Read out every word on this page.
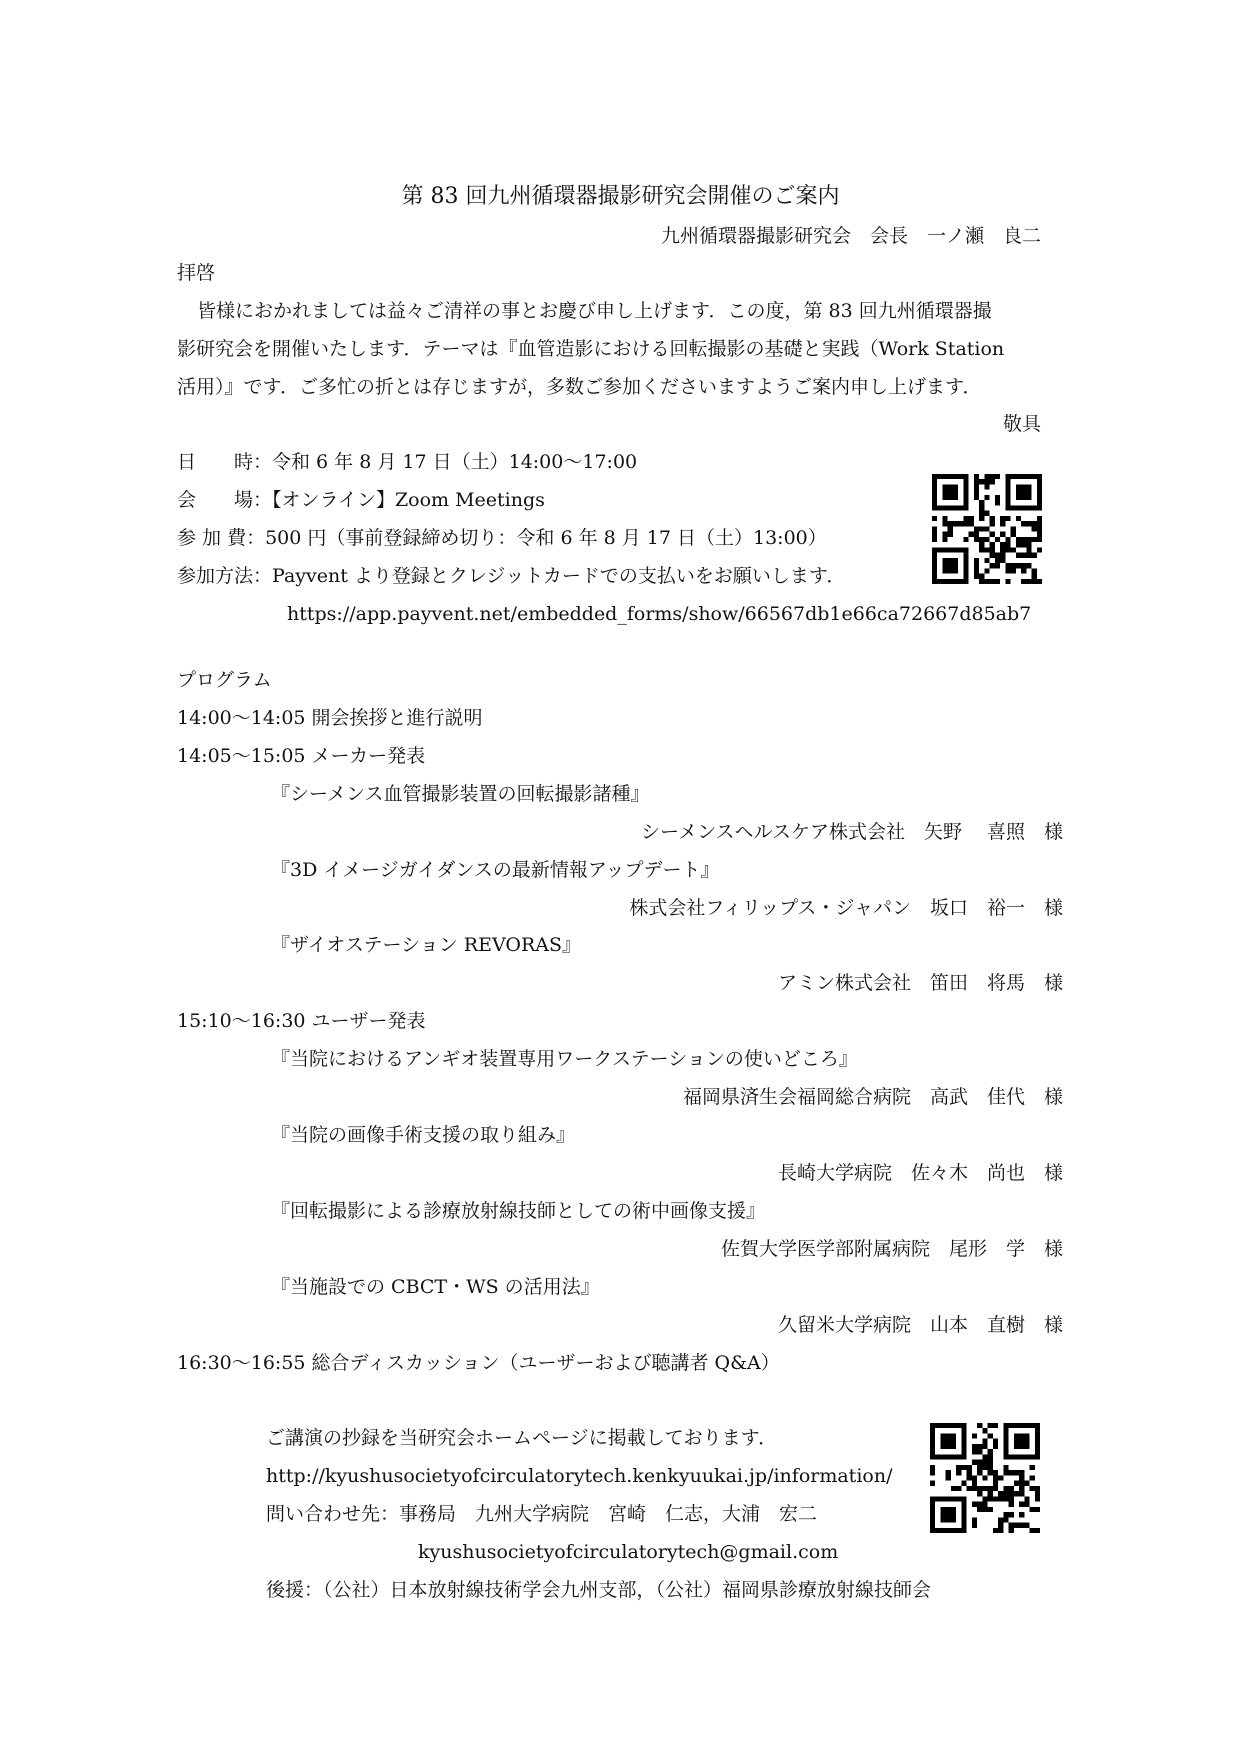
第 83 回九州循環器撮影研究会開催のご案内
九州循環器撮影研究会　会長　一ノ瀬　良二
拝啓
皆様におかれましては益々ご清祥の事とお慶び申し上げます．この度，第 83 回九州循環器撮
影研究会を開催いたします．テーマは『血管造影における回転撮影の基礎と実践（Work Station
活用）』です．ご多忙の折とは存じますが，多数ご参加くださいますようご案内申し上げます．
敬具
日　　時：令和 6 年 8 月 17 日（土）14:00〜17:00
会　　場：【オンライン】Zoom Meetings
参 加 費：500 円（事前登録締め切り：令和 6 年 8 月 17 日（土）13:00）
参加方法：Payvent より登録とクレジットカードでの支払いをお願いします．
https://app.payvent.net/embedded_forms/show/66567db1e66ca72667d85ab7
プログラム
14:00〜14:05 開会挨拶と進行説明
14:05〜15:05 メーカー発表
『シーメンス血管撮影装置の回転撮影諸種』
シーメンスヘルスケア株式会社　矢野　 喜照　様
『3D イメージガイダンスの最新情報アップデート』
株式会社フィリップス・ジャパン　坂口　裕一　様
『ザイオステーション REVORAS』
アミン株式会社　笛田　将馬　様
15:10〜16:30 ユーザー発表
『当院におけるアンギオ装置専用ワークステーションの使いどころ』
福岡県済生会福岡総合病院　高武　佳代　様
『当院の画像手術支援の取り組み』
長崎大学病院　佐々木　尚也　様
『回転撮影による診療放射線技師としての術中画像支援』
佐賀大学医学部附属病院　尾形　学　様
『当施設での CBCT・WS の活用法』
久留米大学病院　山本　直樹　様
16:30〜16:55 総合ディスカッション（ユーザーおよび聴講者 Q&A）
ご講演の抄録を当研究会ホームページに掲載しております．
http://kyushusocietyofcirculatorytech.kenkyuukai.jp/information/
問い合わせ先：事務局　九州大学病院　宮崎　仁志，大浦　宏二
kyushusocietyofcirculatorytech@gmail.com
後援：（公社）日本放射線技術学会九州支部，（公社）福岡県診療放射線技師会
